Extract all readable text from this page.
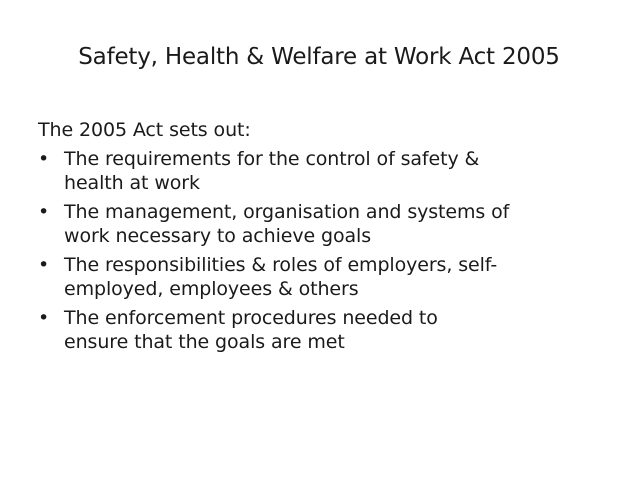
Safety, Health & Welfare at Work Act 2005

The 2005 Act sets out:

• The requirements for the control of safety &
health at work
• The management, organisation and systems of
work necessary to achieve goals
• The responsibilities & roles of employers, self-
employed, employees & others
• The enforcement procedures needed to
ensure that the goals are met
